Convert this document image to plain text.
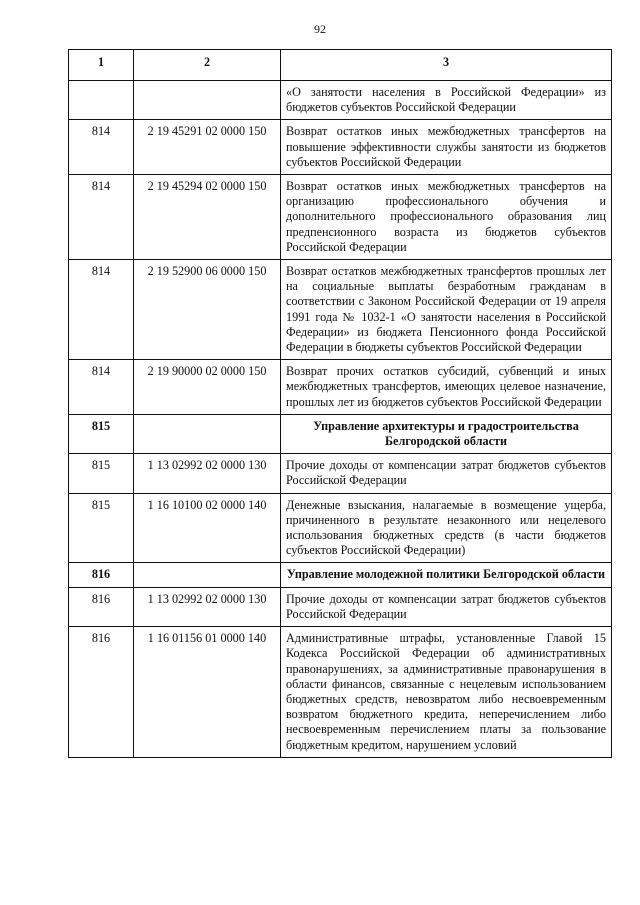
92
1	2	3
		«О занятости населения в Российской Федерации» из бюджетов субъектов Российской Федерации
814	2 19 45291 02 0000 150	Возврат остатков иных межбюджетных трансфертов на повышение эффективности службы занятости из бюджетов субъектов Российской Федерации
814	2 19 45294 02 0000 150	Возврат остатков иных межбюджетных трансфертов на организацию профессионального обучения и дополнительного профессионального образования лиц предпенсионного возраста из бюджетов субъектов Российской Федерации
814	2 19 52900 06 0000 150	Возврат остатков межбюджетных трансфертов прошлых лет на социальные выплаты безработным гражданам в соответствии с Законом Российской Федерации от 19 апреля 1991 года № 1032-1 «О занятости населения в Российской Федерации» из бюджета Пенсионного фонда Российской Федерации в бюджеты субъектов Российской Федерации
814	2 19 90000 02 0000 150	Возврат прочих остатков субсидий, субвенций и иных межбюджетных трансфертов, имеющих целевое назначение, прошлых лет из бюджетов субъектов Российской Федерации
815		Управление архитектуры и градостроительства Белгородской области
815	1 13 02992 02 0000 130	Прочие доходы от компенсации затрат бюджетов субъектов Российской Федерации
815	1 16 10100 02 0000 140	Денежные взыскания, налагаемые в возмещение ущерба, причиненного в результате незаконного или нецелевого использования бюджетных средств (в части бюджетов субъектов Российской Федерации)
816		Управление молодежной политики Белгородской области
816	1 13 02992 02 0000 130	Прочие доходы от компенсации затрат бюджетов субъектов Российской Федерации
816	1 16 01156 01 0000 140	Административные штрафы, установленные Главой 15 Кодекса Российской Федерации об административных правонарушениях, за административные правонарушения в области финансов, связанные с нецелевым использованием бюджетных средств, невозвратом либо несвоевременным возвратом бюджетного кредита, неперечислением либо несвоевременным перечислением платы за пользование бюджетным кредитом, нарушением условий
